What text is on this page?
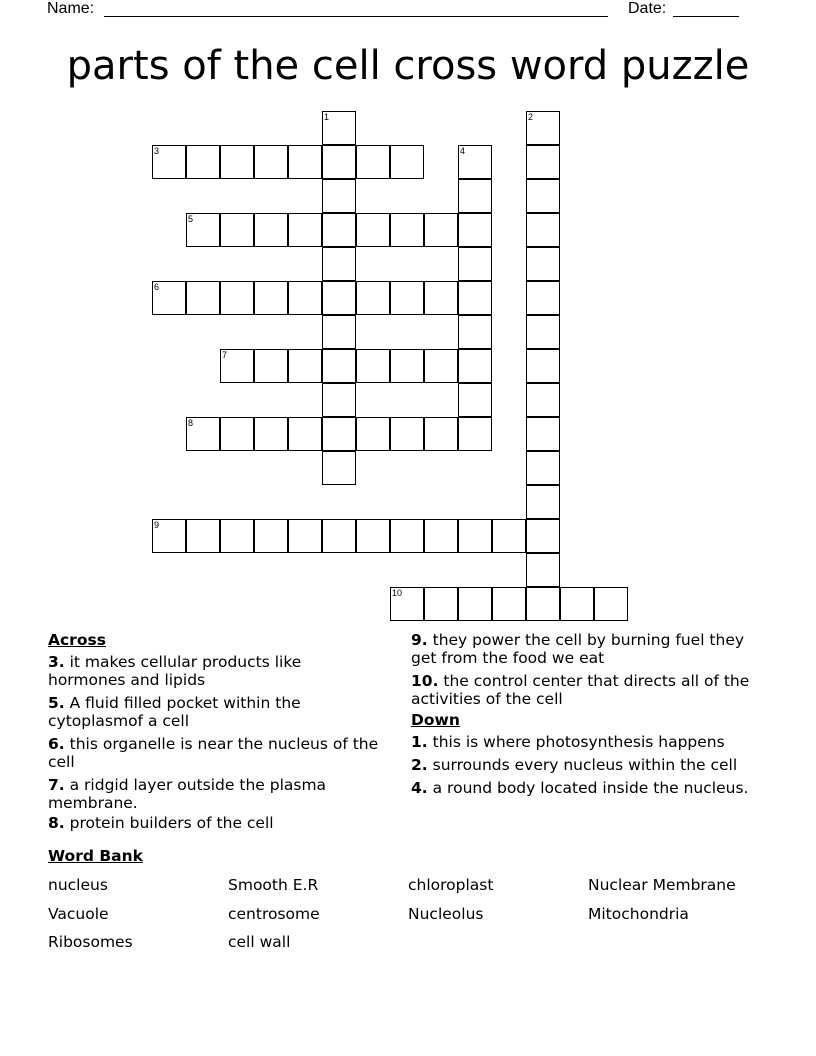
Name:	Date:
parts of the cell cross word puzzle
1	2
3	4
5
6
7
8
9
10
Across
3. it makes cellular products like hormones and lipids
5. A fluid filled pocket within the cytoplasmof a cell
6. this organelle is near the nucleus of the cell
7. a ridgid layer outside the plasma membrane.
8. protein builders of the cell
9. they power the cell by burning fuel they get from the food we eat
10. the control center that directs all of the activities of the cell
Down
1. this is where photosynthesis happens
2. surrounds every nucleus within the cell
4. a round body located inside the nucleus.
Word Bank
nucleus	Smooth E.R	chloroplast	Nuclear Membrane
Vacuole	centrosome	Nucleolus	Mitochondria
Ribosomes	cell wall
